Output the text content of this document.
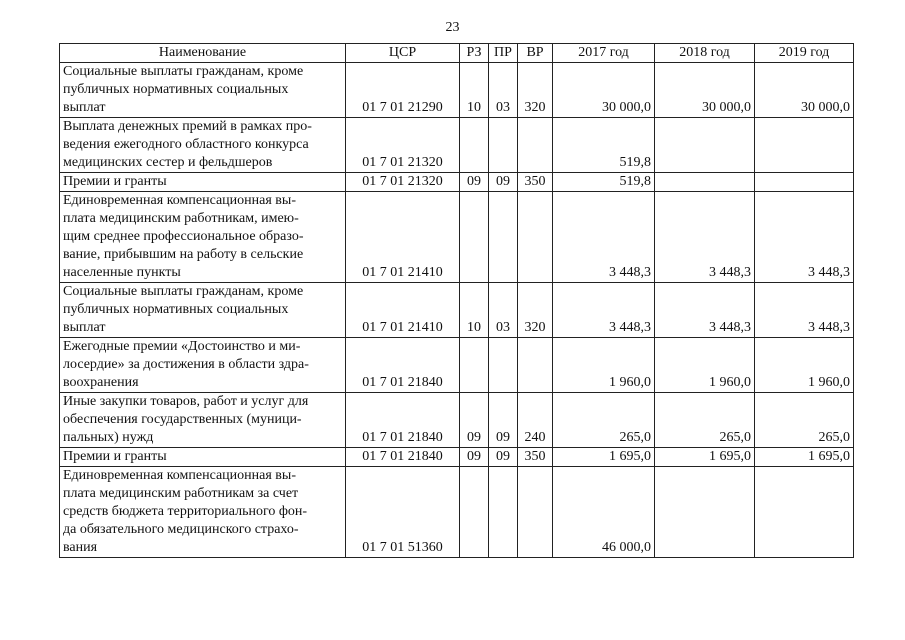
23
Наименование	ЦСР	РЗ	ПР	ВР	2017 год	2018 год	2019 год

Социальные выплаты гражданам, кроме
публичных нормативных социальных
выплат	01 7 01 21290	10	03	320	30 000,0	30 000,0	30 000,0

Выплата денежных премий в рамках про-
ведения ежегодного областного конкурса
медицинских сестер и фельдшеров	01 7 01 21320				519,8		

Премии и гранты	01 7 01 21320	09	09	350	519,8		

Единовременная компенсационная вы-
плата медицинским работникам, имею-
щим среднее профессиональное образо-
вание, прибывшим на работу в сельские
населенные пункты	01 7 01 21410				3 448,3	3 448,3	3 448,3

Социальные выплаты гражданам, кроме
публичных нормативных социальных
выплат	01 7 01 21410	10	03	320	3 448,3	3 448,3	3 448,3

Ежегодные премии «Достоинство и ми-
лосердие» за достижения в области здра-
воохранения	01 7 01 21840				1 960,0	1 960,0	1 960,0

Иные закупки товаров, работ и услуг для
обеспечения государственных (муници-
пальных) нужд	01 7 01 21840	09	09	240	265,0	265,0	265,0

Премии и гранты	01 7 01 21840	09	09	350	1 695,0	1 695,0	1 695,0

Единовременная компенсационная вы-
плата медицинским работникам за счет
средств бюджета территориального фон-
да обязательного медицинского страхо-
вания	01 7 01 51360				46 000,0		
